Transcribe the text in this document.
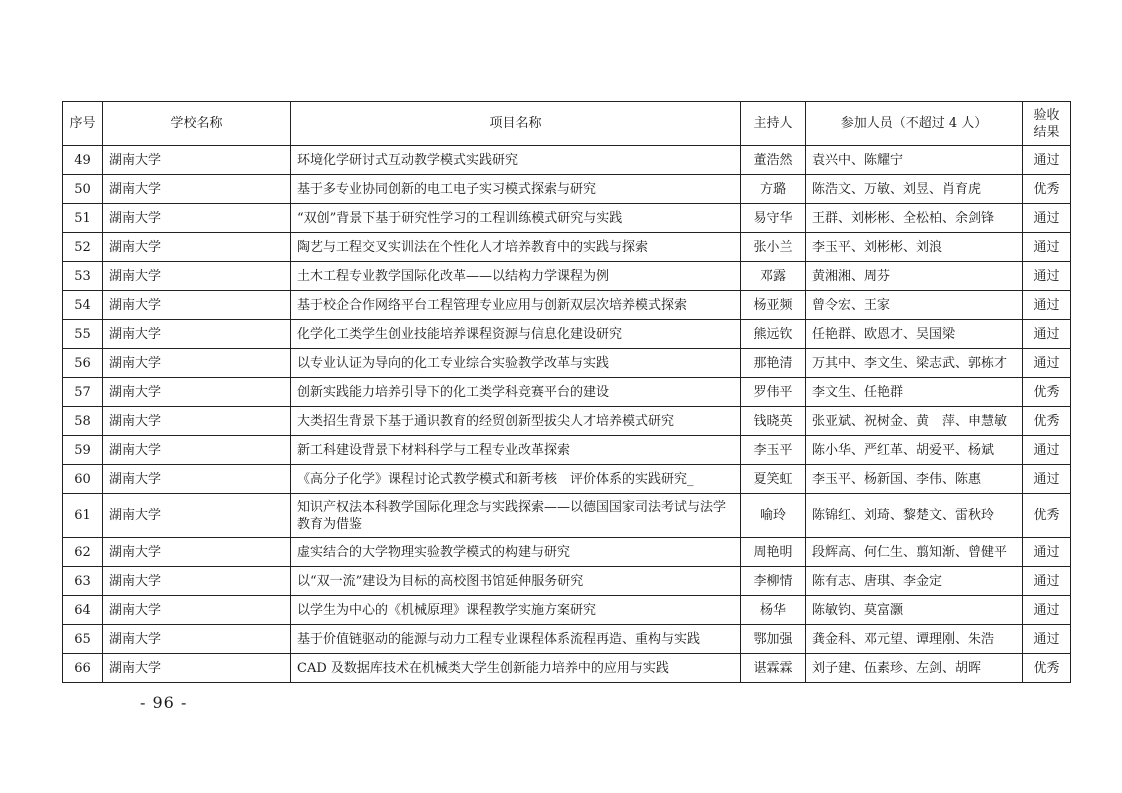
序号	学校名称	项目名称	主持人	参加人员（不超过 4 人）	验收结果
49	湖南大学	环境化学研讨式互动教学模式实践研究	董浩然	袁兴中、陈耀宁	通过
50	湖南大学	基于多专业协同创新的电工电子实习模式探索与研究	方璐	陈浩文、万敏、刘昱、肖育虎	优秀
51	湖南大学	“双创”背景下基于研究性学习的工程训练模式研究与实践	易守华	王群、刘彬彬、全松柏、余剑锋	通过
52	湖南大学	陶艺与工程交叉实训法在个性化人才培养教育中的实践与探索	张小兰	李玉平、刘彬彬、刘浪	通过
53	湖南大学	土木工程专业教学国际化改革——以结构力学课程为例	邓露	黄湘湘、周芬	通过
54	湖南大学	基于校企合作网络平台工程管理专业应用与创新双层次培养模式探索	杨亚频	曾令宏、王家	通过
55	湖南大学	化学化工类学生创业技能培养课程资源与信息化建设研究	熊远钦	任艳群、欧恩才、吴国梁	通过
56	湖南大学	以专业认证为导向的化工专业综合实验教学改革与实践	那艳清	万其中、李文生、梁志武、郭栋才	通过
57	湖南大学	创新实践能力培养引导下的化工类学科竞赛平台的建设	罗伟平	李文生、任艳群	优秀
58	湖南大学	大类招生背景下基于通识教育的经贸创新型拔尖人才培养模式研究	钱晓英	张亚斌、祝树金、黄　萍、申慧敏	优秀
59	湖南大学	新工科建设背景下材料科学与工程专业改革探索	李玉平	陈小华、严红革、胡爱平、杨斌	通过
60	湖南大学	《高分子化学》课程讨论式教学模式和新考核　评价体系的实践研究_	夏笑虹	李玉平、杨新国、李伟、陈惠	通过
61	湖南大学	知识产权法本科教学国际化理念与实践探索——以德国国家司法考试与法学教育为借鉴	喻玲	陈锦红、刘琦、黎楚文、雷秋玲	优秀
62	湖南大学	虚实结合的大学物理实验教学模式的构建与研究	周艳明	段辉高、何仁生、翦知渐、曾健平	通过
63	湖南大学	以“双一流”建设为目标的高校图书馆延伸服务研究	李柳情	陈有志、唐琪、李金定	通过
64	湖南大学	以学生为中心的《机械原理》课程教学实施方案研究	杨华	陈敏钧、莫富灏	通过
65	湖南大学	基于价值链驱动的能源与动力工程专业课程体系流程再造、重构与实践	鄂加强	龚金科、邓元望、谭理刚、朱浩	通过
66	湖南大学	CAD 及数据库技术在机械类大学生创新能力培养中的应用与实践	谌霖霖	刘子建、伍素珍、左剑、胡晖	优秀
- 96 -
